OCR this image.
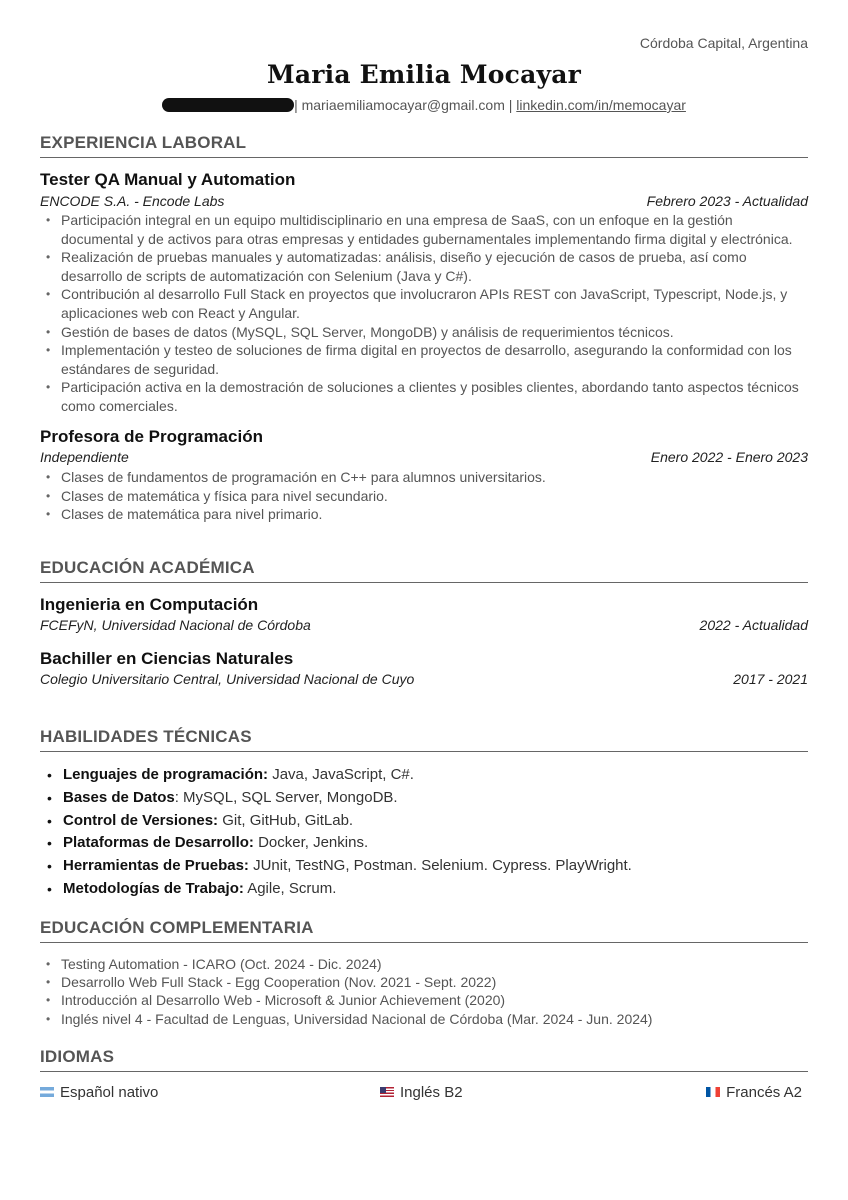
Córdoba Capital, Argentina
Maria Emilia Mocayar
| mariaemiliamocayar@gmail.com | linkedin.com/in/memocayar
EXPERIENCIA LABORAL
Tester QA Manual y Automation
ENCODE S.A. - Encode Labs	Febrero 2023 - Actualidad
• Participación integral en un equipo multidisciplinario en una empresa de SaaS, con un enfoque en la gestión documental y de activos para otras empresas y entidades gubernamentales implementando firma digital y electrónica.
• Realización de pruebas manuales y automatizadas: análisis, diseño y ejecución de casos de prueba, así como desarrollo de scripts de automatización con Selenium (Java y C#).
• Contribución al desarrollo Full Stack en proyectos que involucraron APIs REST con JavaScript, Typescript, Node.js, y aplicaciones web con React y Angular.
• Gestión de bases de datos (MySQL, SQL Server, MongoDB) y análisis de requerimientos técnicos.
• Implementación y testeo de soluciones de firma digital en proyectos de desarrollo, asegurando la conformidad con los estándares de seguridad.
• Participación activa en la demostración de soluciones a clientes y posibles clientes, abordando tanto aspectos técnicos como comerciales.
Profesora de Programación
Independiente	Enero 2022 - Enero 2023
• Clases de fundamentos de programación en C++ para alumnos universitarios.
• Clases de matemática y física para nivel secundario.
• Clases de matemática para nivel primario.
EDUCACIÓN ACADÉMICA
Ingenieria en Computación
FCEFyN, Universidad Nacional de Córdoba	2022 - Actualidad
Bachiller en Ciencias Naturales
Colegio Universitario Central, Universidad Nacional de Cuyo	2017 - 2021
HABILIDADES TÉCNICAS
• Lenguajes de programación: Java, JavaScript, C#.
• Bases de Datos: MySQL, SQL Server, MongoDB.
• Control de Versiones: Git, GitHub, GitLab.
• Plataformas de Desarrollo: Docker, Jenkins.
• Herramientas de Pruebas: JUnit, TestNG, Postman. Selenium. Cypress. PlayWright.
• Metodologías de Trabajo: Agile, Scrum.
EDUCACIÓN COMPLEMENTARIA
• Testing Automation - ICARO (Oct. 2024 - Dic. 2024)
• Desarrollo Web Full Stack - Egg Cooperation (Nov. 2021 - Sept. 2022)
• Introducción al Desarrollo Web - Microsoft & Junior Achievement (2020)
• Inglés nivel 4 - Facultad de Lenguas, Universidad Nacional de Córdoba (Mar. 2024 - Jun. 2024)
IDIOMAS
Español nativo	Inglés B2	Francés A2
